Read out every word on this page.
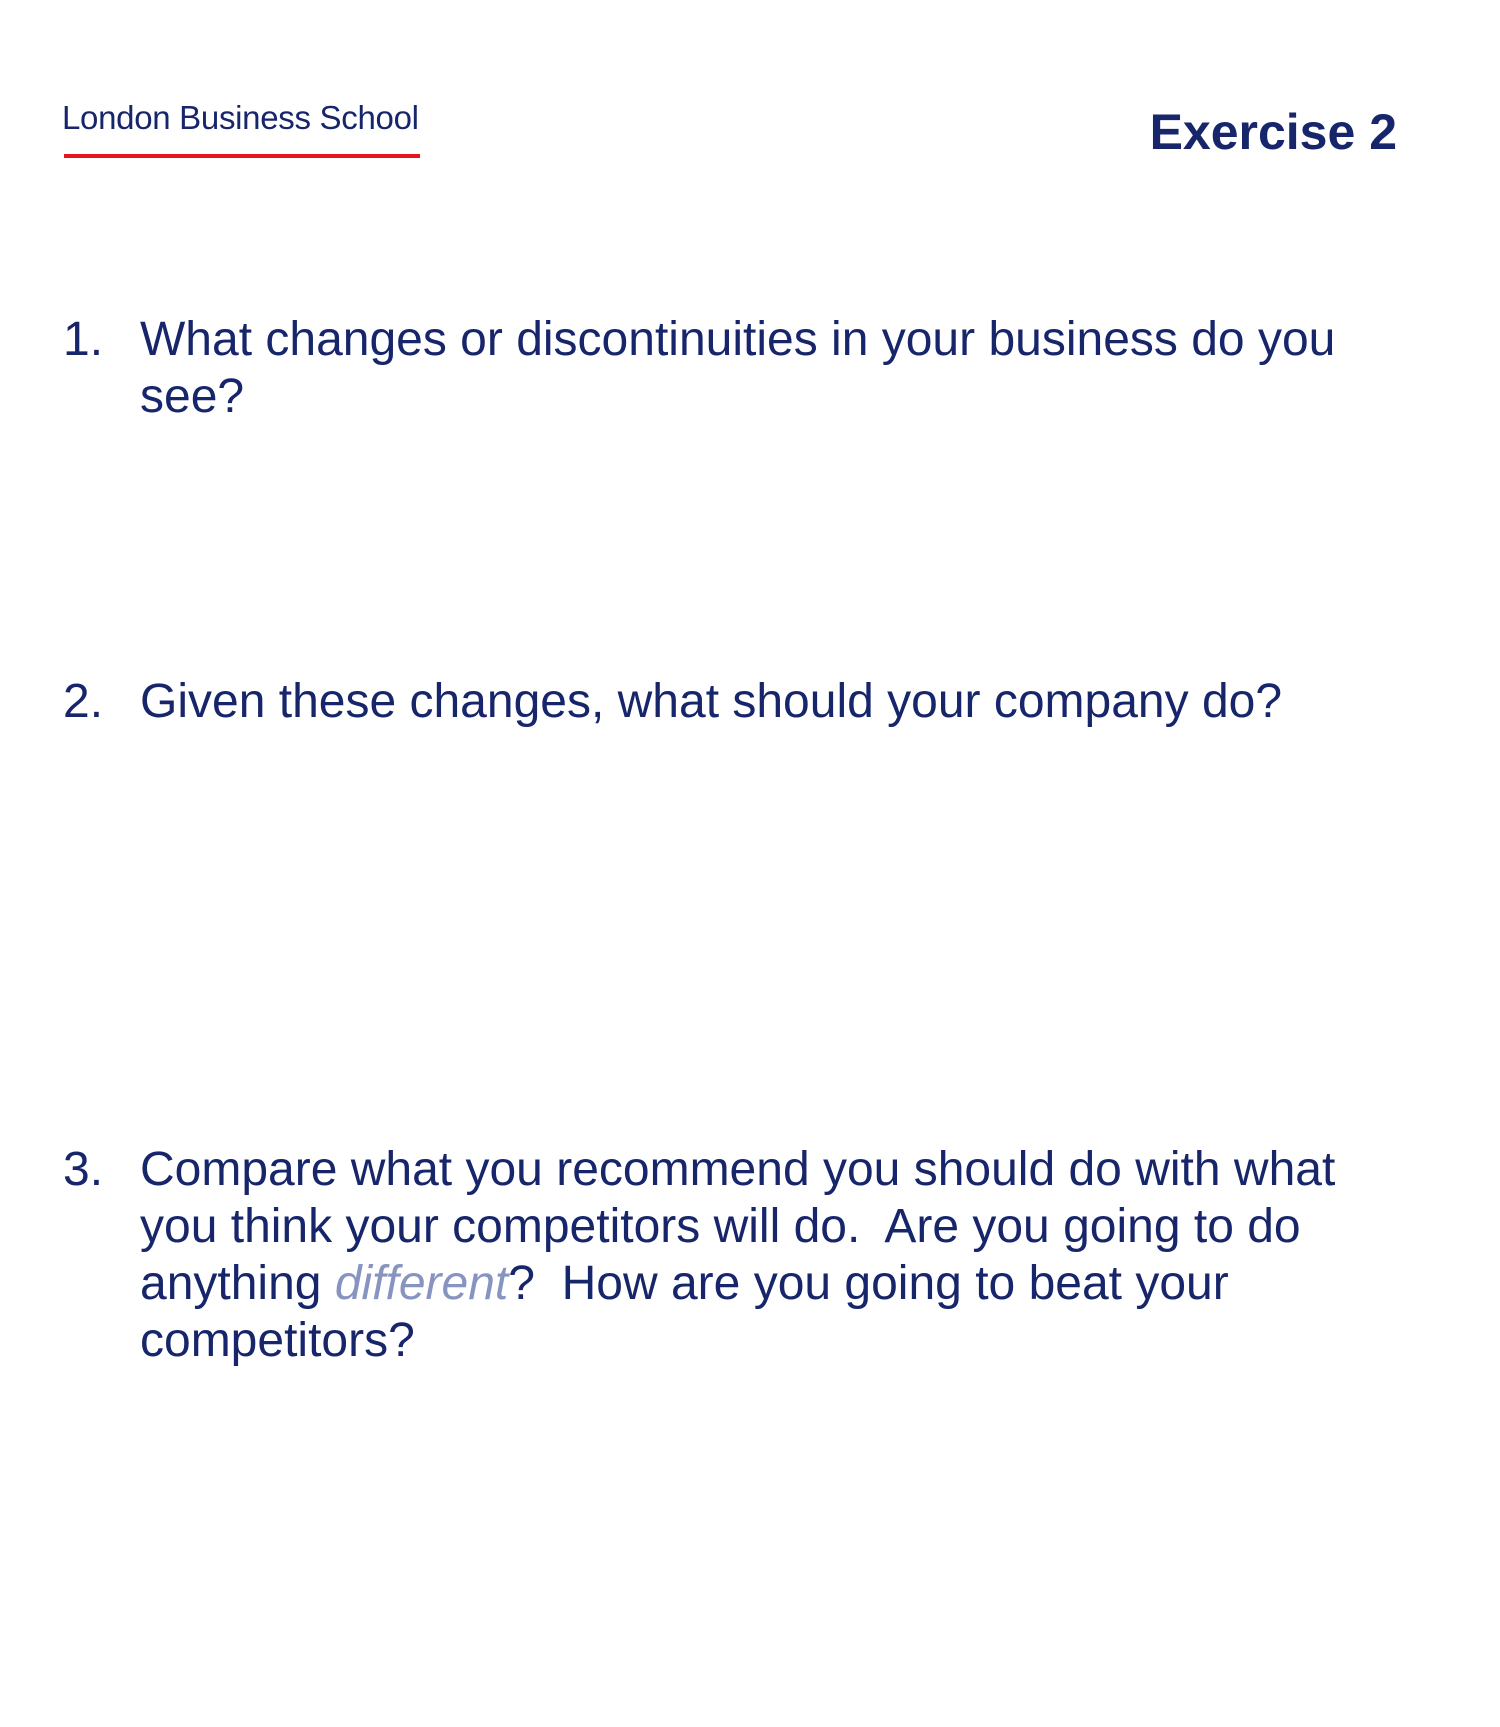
London Business School	Exercise 2
1. What changes or discontinuities in your business do you
see?
2. Given these changes, what should your company do?
3. Compare what you recommend you should do with what
you think your competitors will do.  Are you going to do
anything different?  How are you going to beat your
competitors?
